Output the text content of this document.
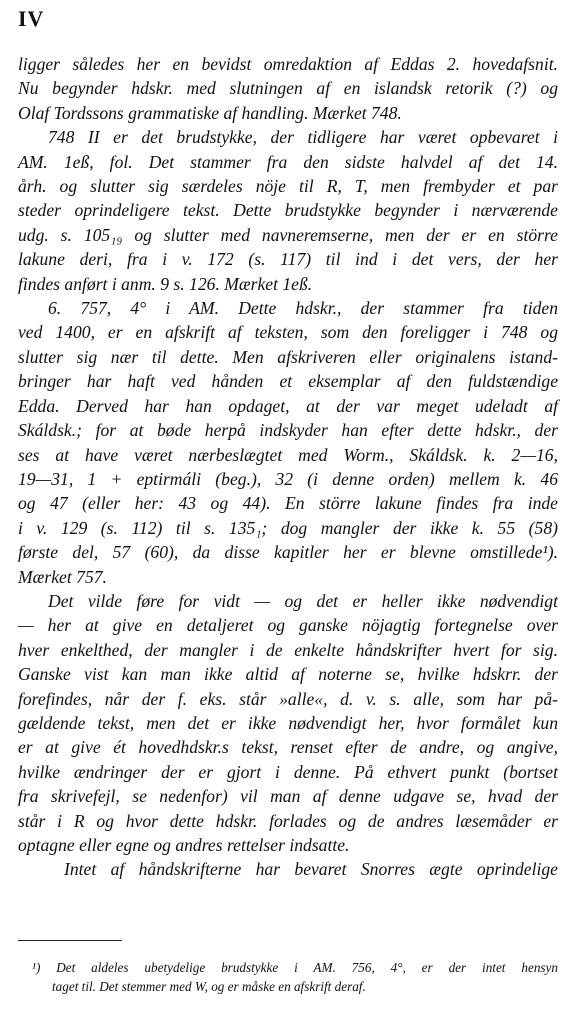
IV
ligger således her en bevidst omredaktion af Eddas 2. hovedafsnit.
Nu begynder hdskr. med slutningen af en islandsk retorik (?) og
Olaf Tordssons grammatiske af handling. Mærket 748.
748 II er det brudstykke, der tidligere har været opbevaret i
AM. 1eß, fol. Det stammer fra den sidste halvdel af det 14.
årh. og slutter sig særdeles nöje til R, T, men frembyder et par
steder oprindeligere tekst. Dette brudstykke begynder i nærværende
udg. s. 105₁₉ og slutter med navneremserne, men der er en större
lakune deri, fra i v. 172 (s. 117) til ind i det vers, der her
findes anført i anm. 9 s. 126. Mærket 1eß.
6. 757, 4° i AM. Dette hdskr., der stammer fra tiden
ved 1400, er en afskrift af teksten, som den foreligger i 748 og
slutter sig nær til dette. Men afskriveren eller originalens istand-
bringer har haft ved hånden et eksemplar af den fuldstændige
Edda. Derved har han opdaget, at der var meget udeladt af
Skáldsk.; for at bøde herpå indskyder han efter dette hdskr., der
ses at have været nærbeslægtet med Worm., Skáldsk. k. 2—16,
19—31, 1 + eptirmáli (beg.), 32 (i denne orden) mellem k. 46
og 47 (eller her: 43 og 44). En större lakune findes fra inde
i v. 129 (s. 112) til s. 135₁; dog mangler der ikke k. 55 (58)
første del, 57 (60), da disse kapitler her er blevne omstillede¹).
Mærket 757.
Det vilde føre for vidt — og det er heller ikke nødvendigt
— her at give en detaljeret og ganske nöjagtig fortegnelse over
hver enkelthed, der mangler i de enkelte håndskrifter hvert for sig.
Ganske vist kan man ikke altid af noterne se, hvilke hdskrr. der
forefindes, når der f. eks. står »alle«, d. v. s. alle, som har på-
gældende tekst, men det er ikke nødvendigt her, hvor formålet kun
er at give ét hovedhdskr.s tekst, renset efter de andre, og angive,
hvilke ændringer der er gjort i denne. På ethvert punkt (bortset
fra skrivefejl, se nedenfor) vil man af denne udgave se, hvad der
står i R og hvor dette hdskr. forlades og de andres læsemåder er
optagne eller egne og andres rettelser indsatte.
Intet af håndskrifterne har bevaret Snorres ægte oprindelige
¹) Det aldeles ubetydelige brudstykke i AM. 756, 4°, er der intet hensyn
taget til. Det stemmer med W, og er måske en afskrift deraf.
